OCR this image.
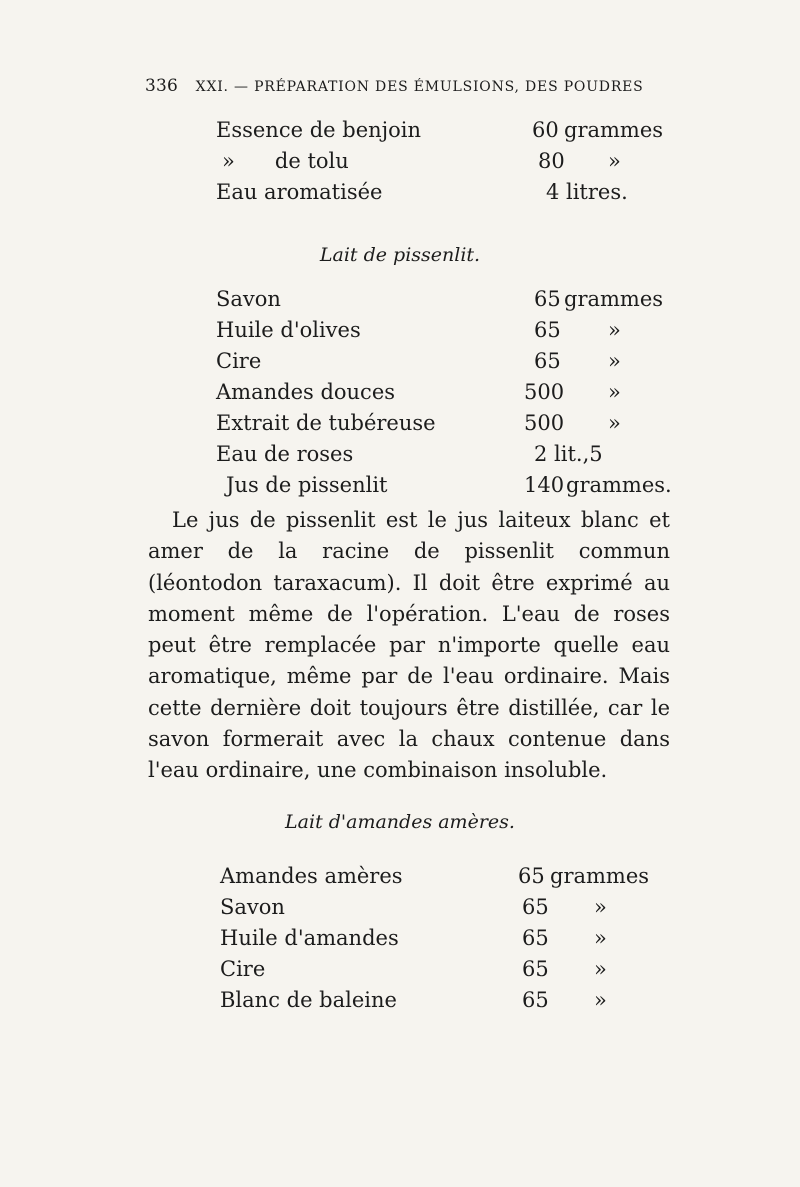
336 XXI. — PRÉPARATION DES ÉMULSIONS, DES POUDRES
Essence de benjoin	60 grammes
»      de tolu	80 »
Eau aromatisée	4 litres.
Lait de pissenlit.
Savon	65 grammes
Huile d'olives	65 »
Cire	65 »
Amandes douces	500 »
Extrait de tubéreuse	500 »
Eau de roses	2 lit.,5
Jus de pissenlit	140 grammes.
Le jus de pissenlit est le jus laiteux blanc et amer de la racine de pissenlit commun (léontodon taraxacum). Il doit être exprimé au moment même de l'opération. L'eau de roses peut être remplacée par n'importe quelle eau aromatique, même par de l'eau ordinaire. Mais cette dernière doit toujours être distillée, car le savon formerait avec la chaux contenue dans l'eau ordinaire, une combinaison insoluble.
Lait d'amandes amères.
Amandes amères	65 grammes
Savon	65 »
Huile d'amandes	65 »
Cire	65 »
Blanc de baleine	65 »
